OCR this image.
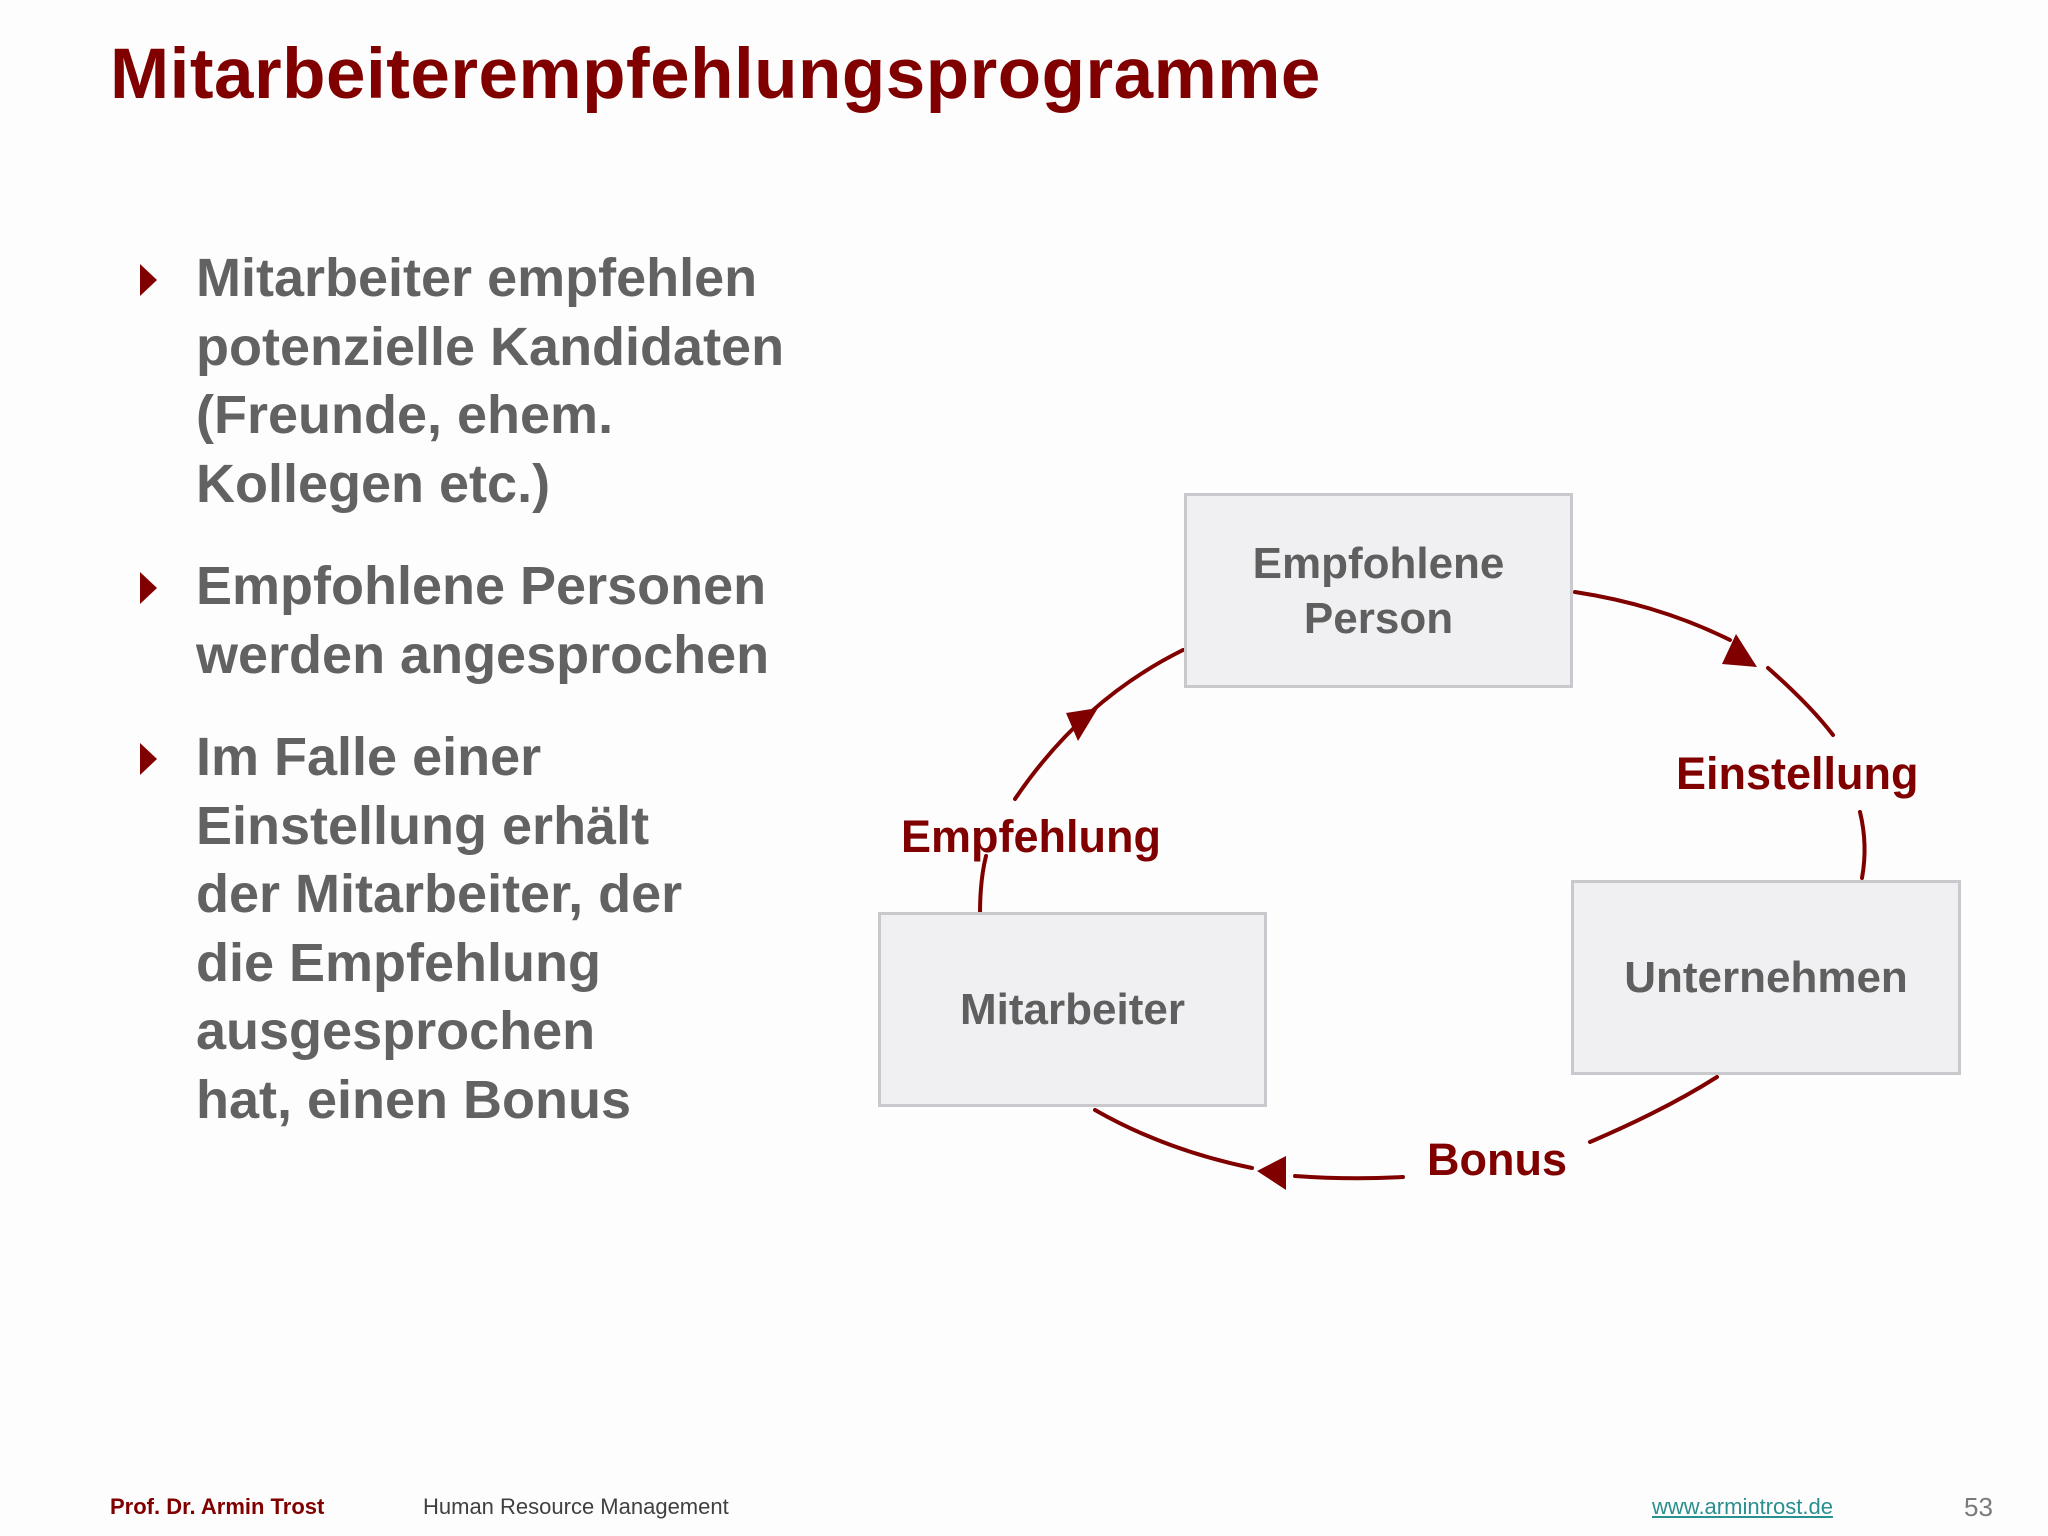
Mitarbeiterempfehlungsprogramme
Mitarbeiter empfehlen
potenzielle Kandidaten
(Freunde, ehem.
Kollegen etc.)
Empfohlene Personen
werden angesprochen
Im Falle einer
Einstellung erhält
der Mitarbeiter, der
die Empfehlung
ausgesprochen
hat, einen Bonus
Empfohlene
Person
Unternehmen
Mitarbeiter
Empfehlung
Einstellung
Bonus
Prof. Dr. Armin Trost	Human Resource Management	www.armintrost.de	53
